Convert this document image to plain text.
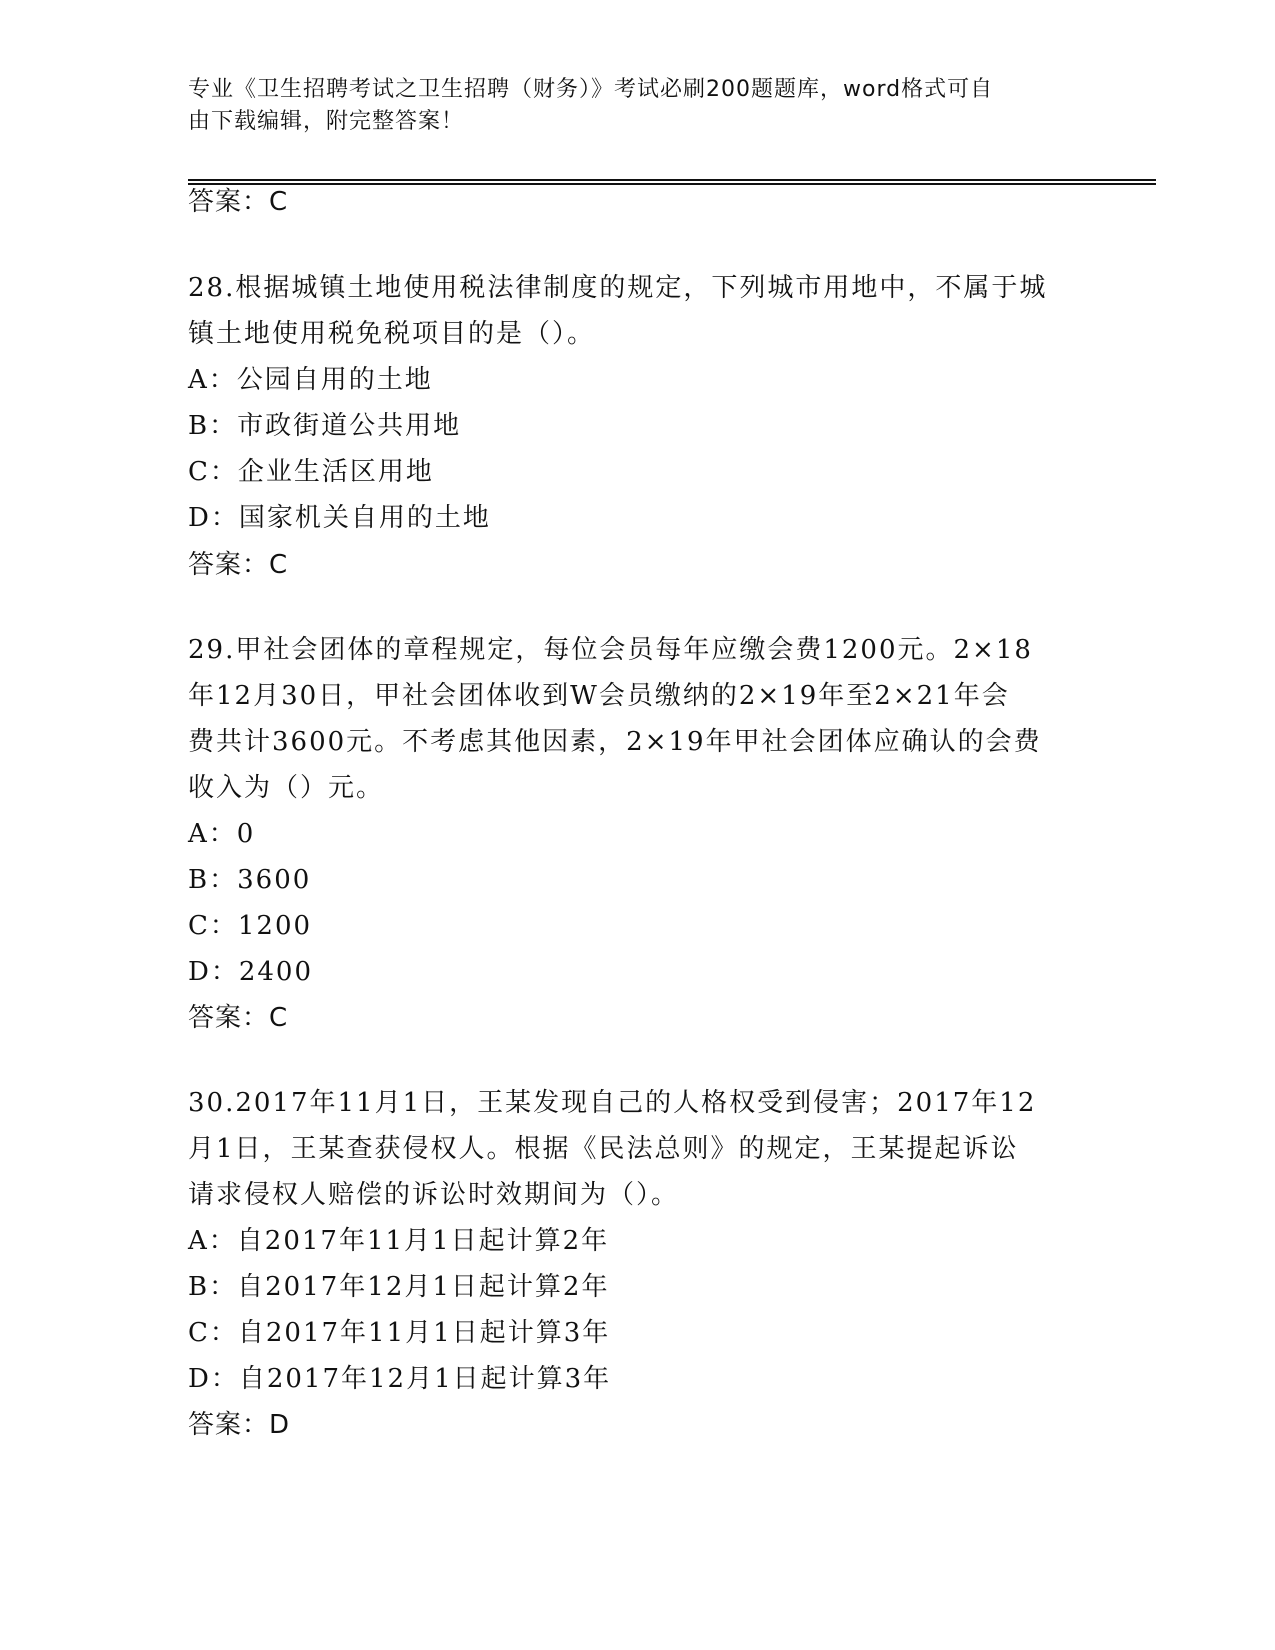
专业《卫生招聘考试之卫生招聘（财务）》考试必刷200题题库，word格式可自
由下载编辑，附完整答案！
答案：C
28.根据城镇土地使用税法律制度的规定，下列城市用地中，不属于城
镇土地使用税免税项目的是（）。
A：公园自用的土地
B：市政街道公共用地
C：企业生活区用地
D：国家机关自用的土地
答案：C
29.甲社会团体的章程规定，每位会员每年应缴会费1200元。2×18
年12月30日，甲社会团体收到W会员缴纳的2×19年至2×21年会
费共计3600元。不考虑其他因素，2×19年甲社会团体应确认的会费
收入为（）元。
A：0
B：3600
C：1200
D：2400
答案：C
30.2017年11月1日，王某发现自己的人格权受到侵害；2017年12
月1日，王某查获侵权人。根据《民法总则》的规定，王某提起诉讼
请求侵权人赔偿的诉讼时效期间为（）。
A：自2017年11月1日起计算2年
B：自2017年12月1日起计算2年
C：自2017年11月1日起计算3年
D：自2017年12月1日起计算3年
答案：D
